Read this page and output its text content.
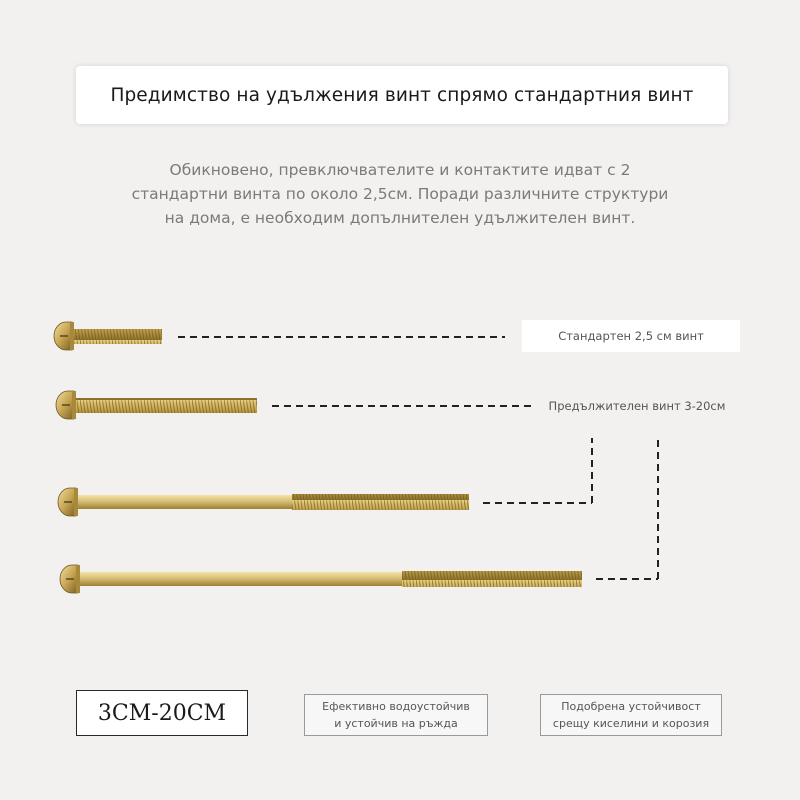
Предимство на удължения винт спрямо стандартния винт
Обикновено, превключвателите и контактите идват с 2
стандартни винта по около 2,5см. Поради различните структури
на дома, е необходим допълнителен удължителен винт.
Стандартен 2,5 см винт
Предължителен винт 3-20см
3CM-20CM	Ефективно водоустойчив
и устойчив на ръжда
Подобрена устойчивост
срещу киселини и корозия
